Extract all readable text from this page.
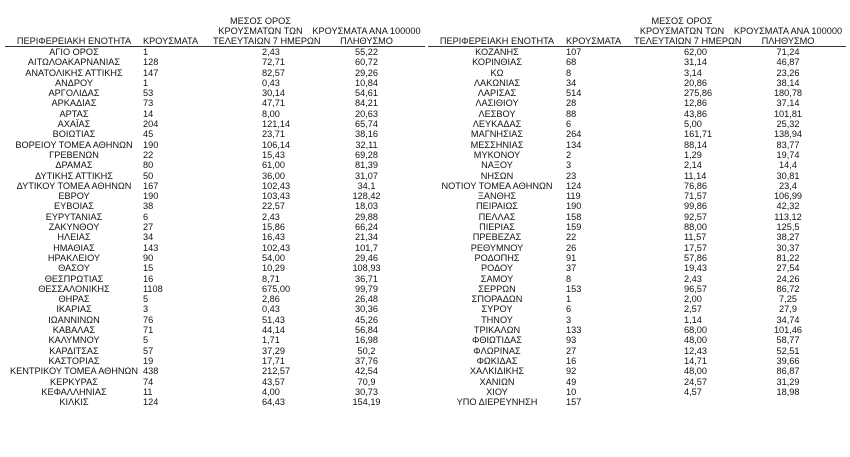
ΠΕΡΙΦΕΡΕΙΑΚΗ ΕΝΟΤΗΤΑ	ΚΡΟΥΣΜΑΤΑ	ΜΕΣΟΣ ΟΡΟΣ
ΚΡΟΥΣΜΑΤΩΝ ΤΩΝ
ΤΕΛΕΥΤΑΙΩΝ 7 ΗΜΕΡΩΝ	ΚΡΟΥΣΜΑΤΑ ΑΝΑ 100000
ΠΛΗΘΥΣΜΟ
ΑΓΙΟ ΟΡΟΣ	1	2,43	55,22
ΑΙΤΩΛΟΑΚΑΡΝΑΝΙΑΣ	128	72,71	60,72
ΑΝΑΤΟΛΙΚΗΣ ΑΤΤΙΚΗΣ	147	82,57	29,26
ΑΝΔΡΟΥ	1	0,43	10,84
ΑΡΓΟΛΙΔΑΣ	53	30,14	54,61
ΑΡΚΑΔΙΑΣ	73	47,71	84,21
ΑΡΤΑΣ	14	8,00	20,63
ΑΧΑΪΑΣ	204	121,14	65,74
ΒΟΙΩΤΙΑΣ	45	23,71	38,16
ΒΟΡΕΙΟΥ ΤΟΜΕΑ ΑΘΗΝΩΝ	190	106,14	32,11
ΓΡΕΒΕΝΩΝ	22	15,43	69,28
ΔΡΑΜΑΣ	80	61,00	81,39
ΔΥΤΙΚΗΣ ΑΤΤΙΚΗΣ	50	36,00	31,07
ΔΥΤΙΚΟΥ ΤΟΜΕΑ ΑΘΗΝΩΝ	167	102,43	34,1
ΕΒΡΟΥ	190	103,43	128,42
ΕΥΒΟΙΑΣ	38	22,57	18,03
ΕΥΡΥΤΑΝΙΑΣ	6	2,43	29,88
ΖΑΚΥΝΘΟΥ	27	15,86	66,24
ΗΛΕΙΑΣ	34	16,43	21,34
ΗΜΑΘΙΑΣ	143	102,43	101,7
ΗΡΑΚΛΕΙΟΥ	90	54,00	29,46
ΘΑΣΟΥ	15	10,29	108,93
ΘΕΣΠΡΩΤΙΑΣ	16	8,71	36,71
ΘΕΣΣΑΛΟΝΙΚΗΣ	1108	675,00	99,79
ΘΗΡΑΣ	5	2,86	26,48
ΙΚΑΡΙΑΣ	3	0,43	30,36
ΙΩΑΝΝΙΝΩΝ	76	51,43	45,26
ΚΑΒΑΛΑΣ	71	44,14	56,84
ΚΑΛΥΜΝΟΥ	5	1,71	16,98
ΚΑΡΔΙΤΣΑΣ	57	37,29	50,2
ΚΑΣΤΟΡΙΑΣ	19	17,71	37,76
ΚΕΝΤΡΙΚΟΥ ΤΟΜΕΑ ΑΘΗΝΩΝ	438	212,57	42,54
ΚΕΡΚΥΡΑΣ	74	43,57	70,9
ΚΕΦΑΛΛΗΝΙΑΣ	11	4,00	30,73
ΚΙΛΚΙΣ	124	64,43	154,19
ΠΕΡΙΦΕΡΕΙΑΚΗ ΕΝΟΤΗΤΑ	ΚΡΟΥΣΜΑΤΑ	ΜΕΣΟΣ ΟΡΟΣ
ΚΡΟΥΣΜΑΤΩΝ ΤΩΝ
ΤΕΛΕΥΤΑΙΩΝ 7 ΗΜΕΡΩΝ	ΚΡΟΥΣΜΑΤΑ ΑΝΑ 100000
ΠΛΗΘΥΣΜΟ
ΚΟΖΑΝΗΣ	107	62,00	71,24
ΚΟΡΙΝΘΙΑΣ	68	31,14	46,87
ΚΩ	8	3,14	23,26
ΛΑΚΩΝΙΑΣ	34	20,86	38,14
ΛΑΡΙΣΑΣ	514	275,86	180,78
ΛΑΣΙΘΙΟΥ	28	12,86	37,14
ΛΕΣΒΟΥ	88	43,86	101,81
ΛΕΥΚΑΔΑΣ	6	5,00	25,32
ΜΑΓΝΗΣΙΑΣ	264	161,71	138,94
ΜΕΣΣΗΝΙΑΣ	134	88,14	83,77
ΜΥΚΟΝΟΥ	2	1,29	19,74
ΝΑΞΟΥ	3	2,14	14,4
ΝΗΣΩΝ	23	11,14	30,81
ΝΟΤΙΟΥ ΤΟΜΕΑ ΑΘΗΝΩΝ	124	76,86	23,4
ΞΑΝΘΗΣ	119	71,57	106,99
ΠΕΙΡΑΙΩΣ	190	99,86	42,32
ΠΕΛΛΑΣ	158	92,57	113,12
ΠΙΕΡΙΑΣ	159	88,00	125,5
ΠΡΕΒΕΖΑΣ	22	11,57	38,27
ΡΕΘΥΜΝΟΥ	26	17,57	30,37
ΡΟΔΟΠΗΣ	91	57,86	81,22
ΡΟΔΟΥ	37	19,43	27,54
ΣΑΜΟΥ	8	2,43	24,26
ΣΕΡΡΩΝ	153	96,57	86,72
ΣΠΟΡΑΔΩΝ	1	2,00	7,25
ΣΥΡΟΥ	6	2,57	27,9
ΤΗΝΟΥ	3	1,14	34,74
ΤΡΙΚΑΛΩΝ	133	68,00	101,46
ΦΘΙΩΤΙΔΑΣ	93	48,00	58,77
ΦΛΩΡΙΝΑΣ	27	12,43	52,51
ΦΩΚΙΔΑΣ	16	14,71	39,66
ΧΑΛΚΙΔΙΚΗΣ	92	48,00	86,87
ΧΑΝΙΩΝ	49	24,57	31,29
ΧΙΟΥ	10	4,57	18,98
ΥΠΟ ΔΙΕΡΕΥΝΗΣΗ	157		
